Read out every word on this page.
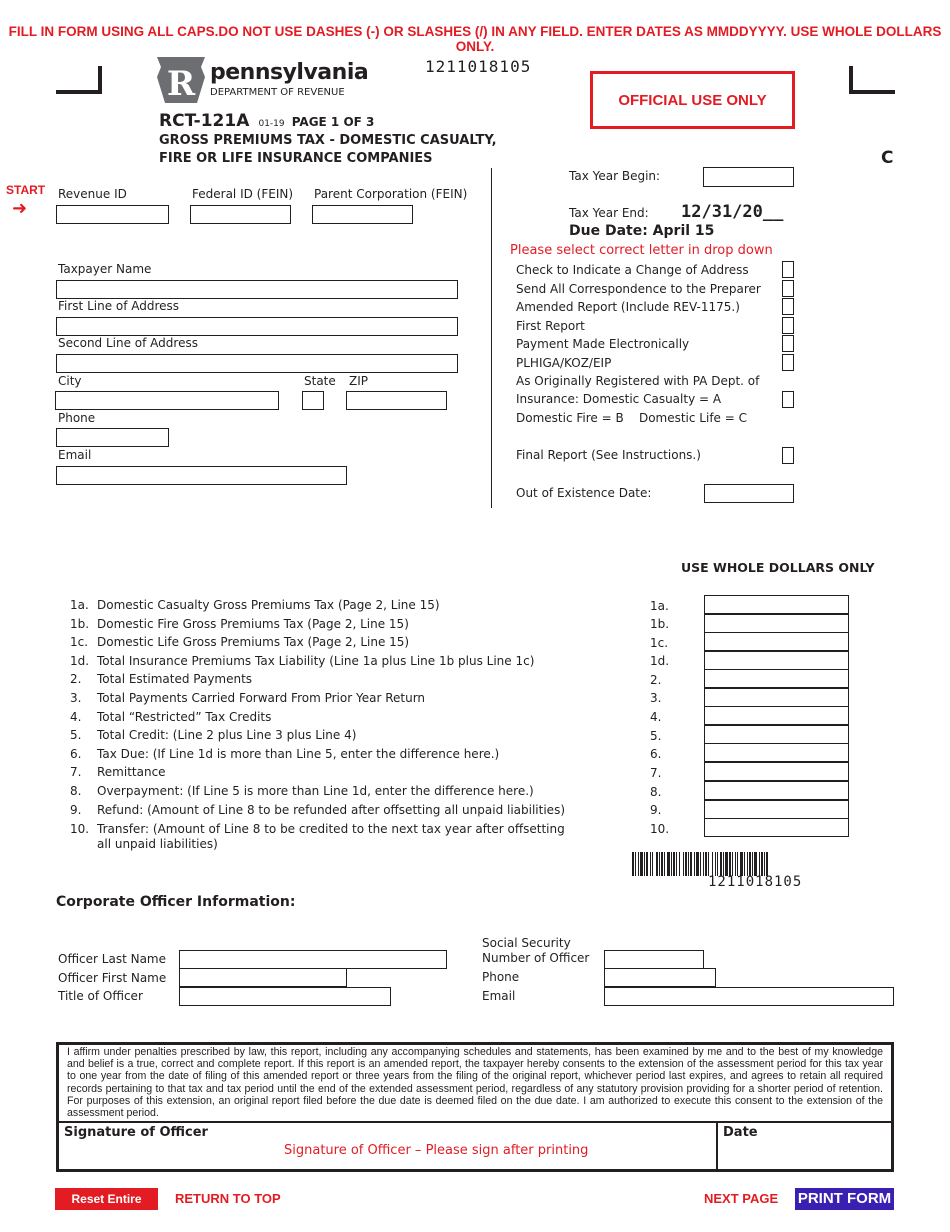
FILL IN FORM USING ALL CAPS.DO NOT USE DASHES (-) OR SLASHES (/) IN ANY FIELD. ENTER DATES AS MMDDYYYY. USE WHOLE DOLLARS ONLY.
R pennsylvania
DEPARTMENT OF REVENUE
1211018105
OFFICIAL USE ONLY
RCT-121A 01-19 PAGE 1 OF 3
GROSS PREMIUMS TAX - DOMESTIC CASUALTY,
FIRE OR LIFE INSURANCE COMPANIES	C
START
➜
Revenue ID	Federal ID (FEIN) Parent Corporation (FEIN)
Taxpayer Name
First Line of Address
Second Line of Address
City	State ZIP
Phone
Email
Tax Year Begin:
Tax Year End: 12/31/20__
Due Date: April 15
Please select correct letter in drop down
Check to Indicate a Change of Address
Send All Correspondence to the Preparer
Amended Report (Include REV-1175.)
First Report
Payment Made Electronically
PLHIGA/KOZ/EIP
As Originally Registered with PA Dept. of
Insurance: Domestic Casualty = A
Domestic Fire = B    Domestic Life = C
Final Report (See Instructions.)
Out of Existence Date:
USE WHOLE DOLLARS ONLY
1a. Domestic Casualty Gross Premiums Tax (Page 2, Line 15)	1a.
1b. Domestic Fire Gross Premiums Tax (Page 2, Line 15)	1b.
1c. Domestic Life Gross Premiums Tax (Page 2, Line 15)	1c.
1d. Total Insurance Premiums Tax Liability (Line 1a plus Line 1b plus Line 1c)	1d.
2. Total Estimated Payments	2.
3. Total Payments Carried Forward From Prior Year Return	3.
4. Total “Restricted” Tax Credits	4.
5. Total Credit: (Line 2 plus Line 3 plus Line 4)	5.
6. Tax Due: (If Line 1d is more than Line 5, enter the difference here.)	6.
7. Remittance	7.
8. Overpayment: (If Line 5 is more than Line 1d, enter the difference here.)	8.
9. Refund: (Amount of Line 8 to be refunded after offsetting all unpaid liabilities)	9.
10. Transfer: (Amount of Line 8 to be credited to the next tax year after offsetting
all unpaid liabilities)
10.
1211018105
Corporate Officer Information:
Officer Last Name
Officer First Name
Title of Officer
Social Security
Number of Officer
Phone
Email
I affirm under penalties prescribed by law, this report, including any accompanying schedules and statements, has been examined by me and to the best of my knowledge and belief is a true, correct and complete report. If this report is an amended report, the taxpayer hereby consents to the extension of the assessment period for this tax year to one year from the date of filing of this amended report or three years from the filing of the original report, whichever period last expires, and agrees to retain all required records pertaining to that tax and tax period until the end of the extended assessment period, regardless of any statutory provision providing for a shorter period of retention. For purposes of this extension, an original report filed before the due date is deemed filed on the due date. I am authorized to execute this consent to the extension of the assessment period.
Signature of Officer
Signature of Officer – Please sign after printing
Date
Reset Entire Form
RETURN TO TOP	NEXT PAGE PRINT FORM
